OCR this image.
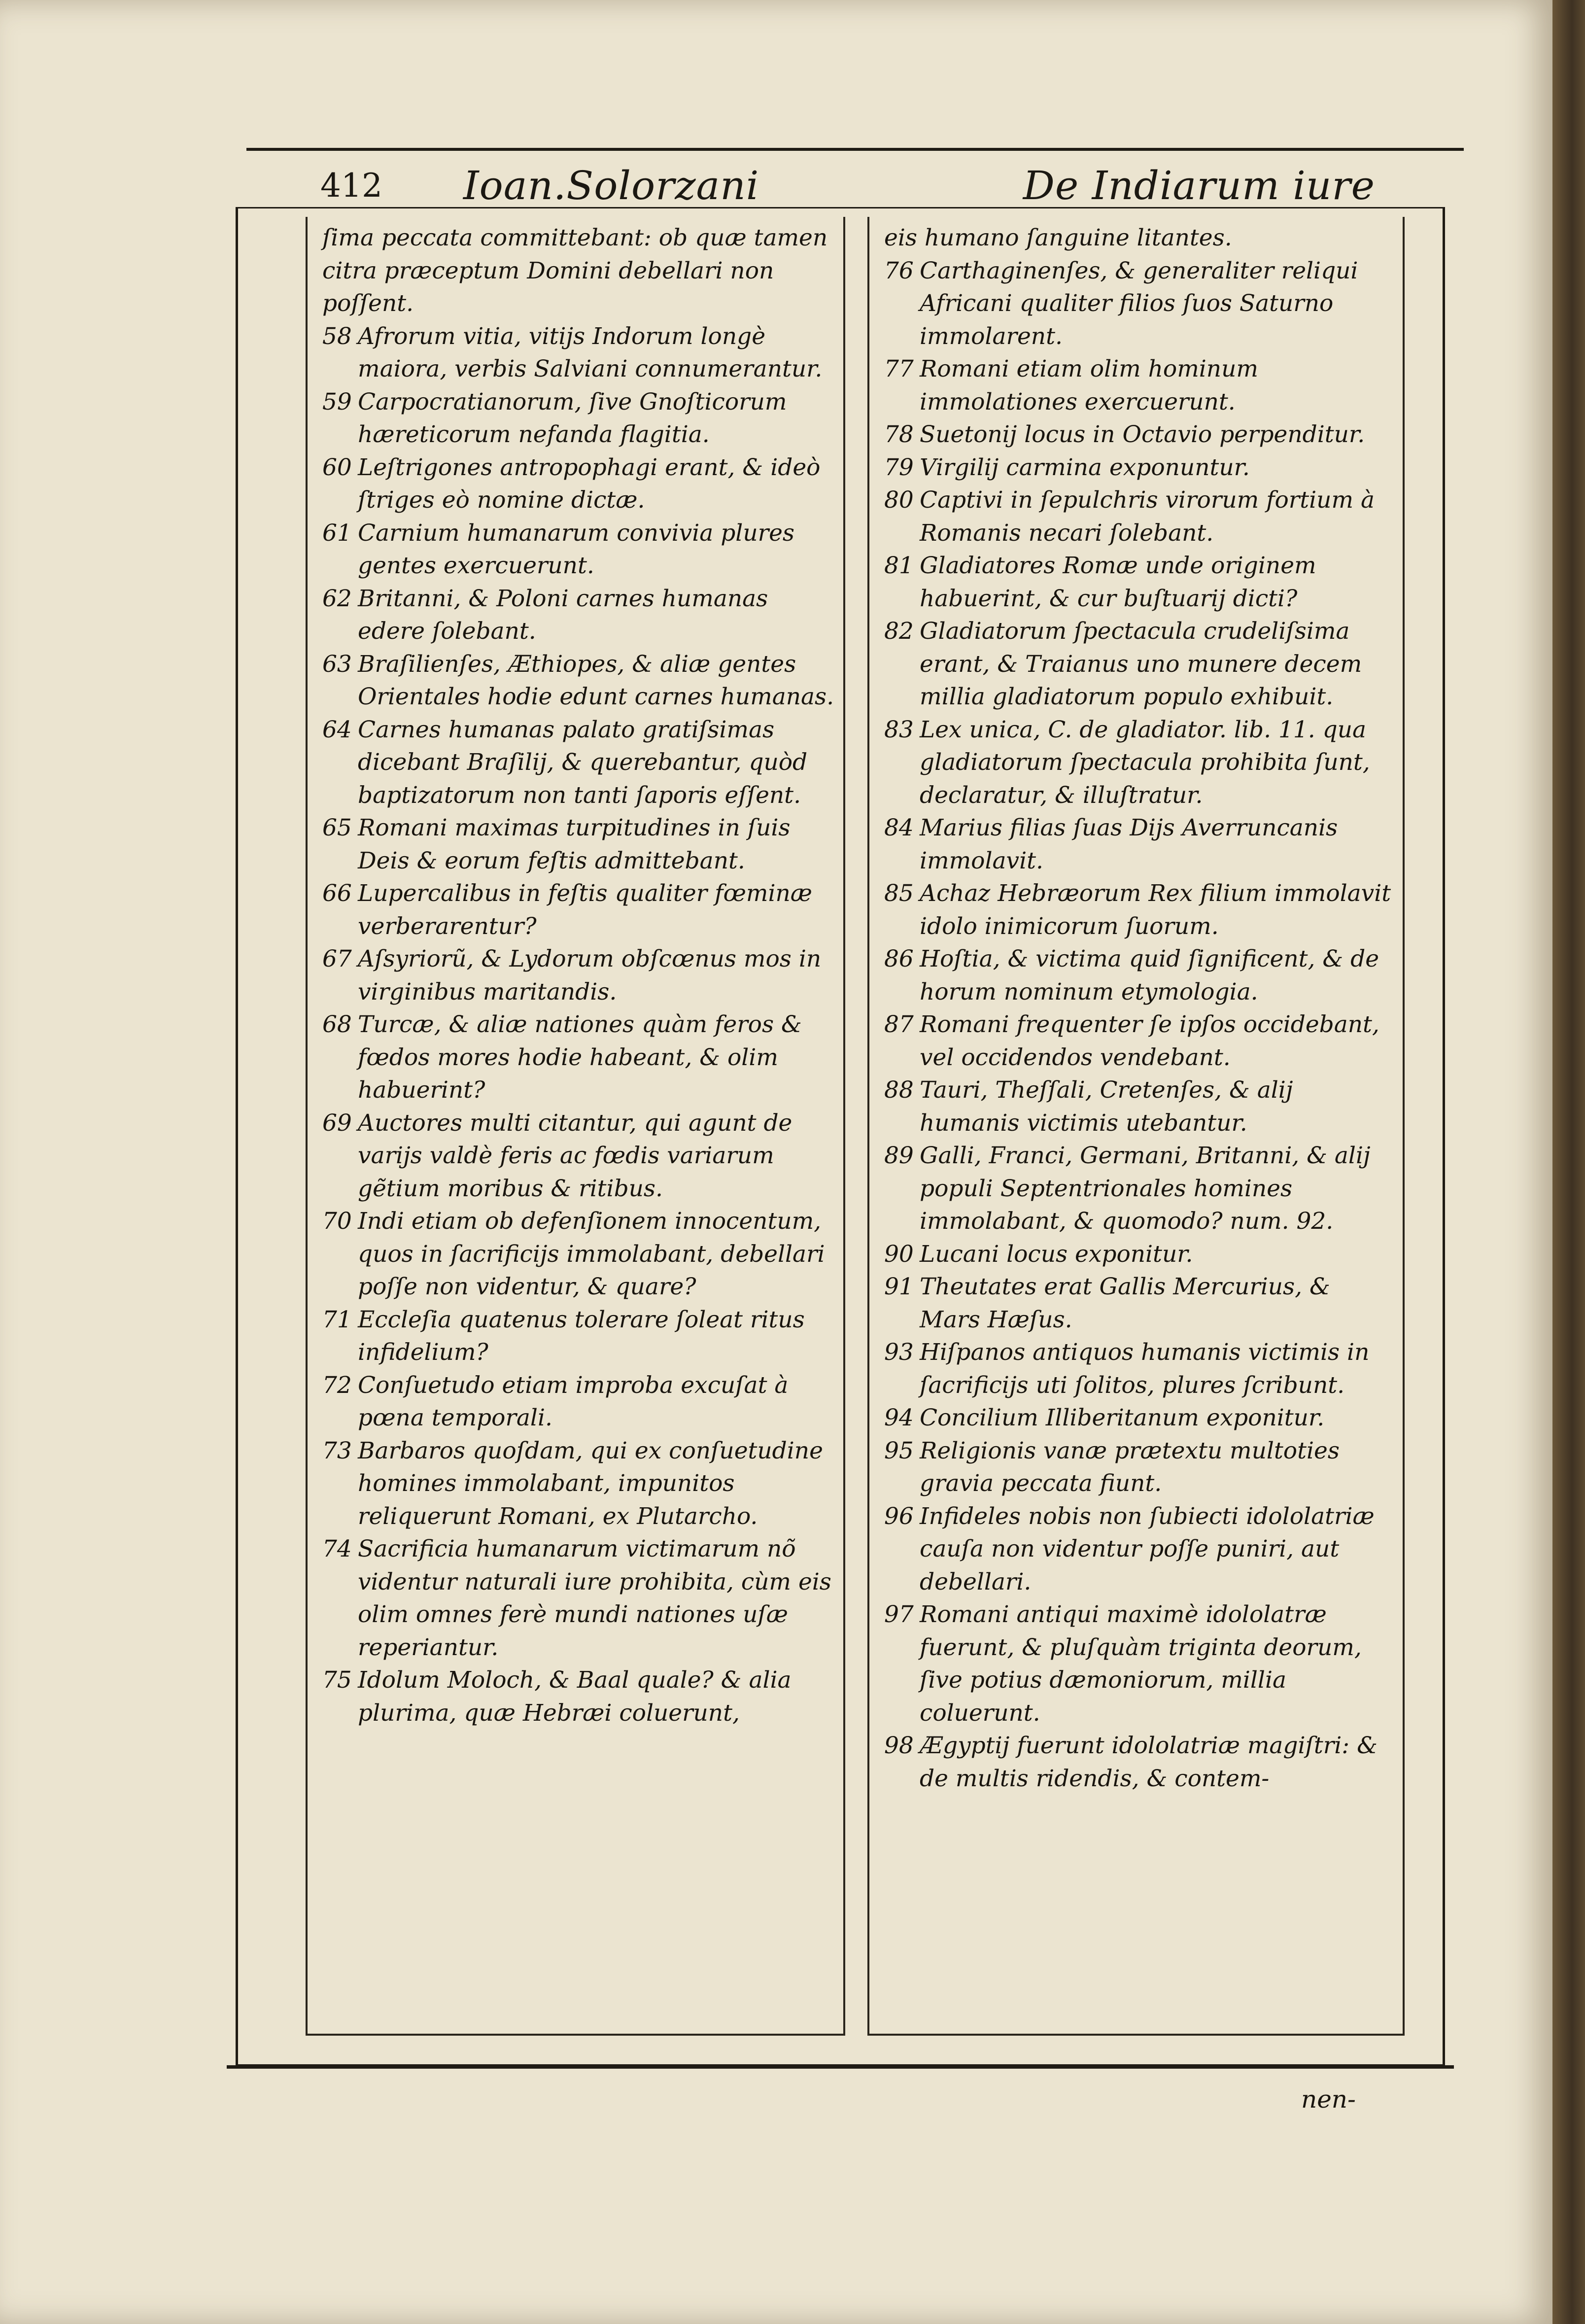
412 Ioan.Solorzani	De Indiarum iure
ſima peccata committebant: ob quæ tamen citra præceptum Domini debellari non poſſent.
58 Afrorum vitia, vitijs Indorum longè maiora, verbis Salviani connumerantur.
59 Carpocratianorum, ſive Gnoſticorum hæreticorum nefanda flagitia.
60 Leſtrigones antropophagi erant, & ideò ſtriges eò nomine dictæ.
61 Carnium humanarum convivia plures gentes exercuerunt.
62 Britanni, & Poloni carnes humanas edere ſolebant.
63 Braſilienſes, Æthiopes, & aliæ gentes Orientales hodie edunt carnes humanas.
64 Carnes humanas palato gratiſsimas dicebant Braſilij, & querebantur, quòd baptizatorum non tanti ſaporis eſſent.
65 Romani maximas turpitudines in ſuis Deis & eorum feſtis admittebant.
66 Lupercalibus in feſtis qualiter fœminæ verberarentur?
67 Aſsyriorũ, & Lydorum obſcœnus mos in virginibus maritandis.
68 Turcæ, & aliæ nationes quàm feros & fœdos mores hodie habeant, & olim habuerint?
69 Auctores multi citantur, qui agunt de varijs valdè feris ac fœdis variarum gẽtium moribus & ritibus.
70 Indi etiam ob defenſionem innocentum, quos in ſacrificijs immolabant, debellari poſſe non videntur, & quare?
71 Eccleſia quatenus tolerare ſoleat ritus infidelium?
72 Conſuetudo etiam improba excuſat à pœna temporali.
73 Barbaros quoſdam, qui ex conſuetudine homines immolabant, impunitos reliquerunt Romani, ex Plutarcho.
74 Sacrificia humanarum victimarum nõ videntur naturali iure prohibita, cùm eis olim omnes ferè mundi nationes uſæ reperiantur.
75 Idolum Moloch, & Baal quale? & alia plurima, quæ Hebræi coluerunt,
eis humano ſanguine litantes.
76 Carthaginenſes, & generaliter reliqui Africani qualiter filios ſuos Saturno immolarent.
77 Romani etiam olim hominum immolationes exercuerunt.
78 Suetonij locus in Octavio perpenditur.
79 Virgilij carmina exponuntur.
80 Captivi in ſepulchris virorum fortium à Romanis necari ſolebant.
81 Gladiatores Romæ unde originem habuerint, & cur buſtuarij dicti?
82 Gladiatorum ſpectacula crudeliſsima erant, & Traianus uno munere decem millia gladiatorum populo exhibuit.
83 Lex unica, C. de gladiator. lib. 11. qua gladiatorum ſpectacula prohibita ſunt, declaratur, & illuſtratur.
84 Marius filias ſuas Dijs Averruncanis immolavit.
85 Achaz Hebræorum Rex filium immolavit idolo inimicorum ſuorum.
86 Hoſtia, & victima quid ſignificent, & de horum nominum etymologia.
87 Romani frequenter ſe ipſos occidebant, vel occidendos vendebant.
88 Tauri, Theſſali, Cretenſes, & alij humanis victimis utebantur.
89 Galli, Franci, Germani, Britanni, & alij populi Septentrionales homines immolabant, & quomodo? num. 92.
90 Lucani locus exponitur.
91 Theutates erat Gallis Mercurius, & Mars Hæſus.
93 Hiſpanos antiquos humanis victimis in ſacrificijs uti ſolitos, plures ſcribunt.
94 Concilium Illiberitanum exponitur.
95 Religionis vanæ prætextu multoties gravia peccata fiunt.
96 Infideles nobis non ſubiecti idololatriæ cauſa non videntur poſſe puniri, aut debellari.
97 Romani antiqui maximè idololatræ fuerunt, & pluſquàm triginta deorum, ſive potius dæmoniorum, millia coluerunt.
98 Ægyptij fuerunt idololatriæ magiſtri: & de multis ridendis, & contem-
nen-
